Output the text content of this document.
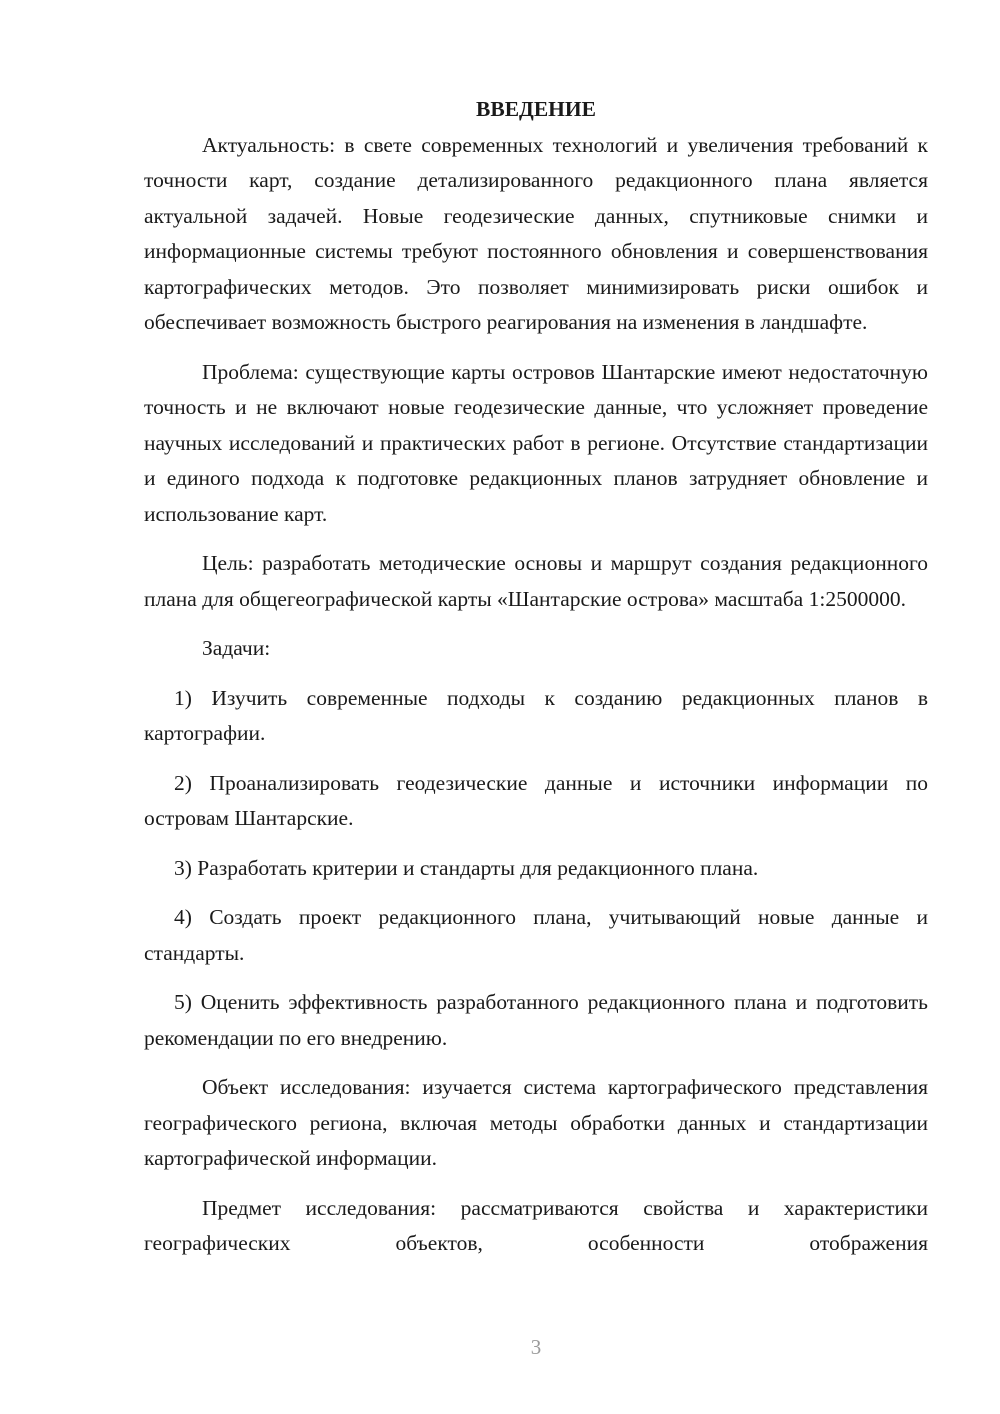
ВВЕДЕНИЕ

Актуальность: в свете современных технологий и увеличения требований к точности карт, создание детализированного редакционного плана является актуальной задачей. Новые геодезические данных, спутниковые снимки и информационные системы требуют постоянного обновления и совершенствования картографических методов. Это позволяет минимизировать риски ошибок и обеспечивает возможность быстрого реагирования на изменения в ландшафте.

Проблема: существующие карты островов Шантарские имеют недостаточную точность и не включают новые геодезические данные, что усложняет проведение научных исследований и практических работ в регионе. Отсутствие стандартизации и единого подхода к подготовке редакционных планов затрудняет обновление и использование карт.

Цель: разработать методические основы и маршрут создания редакционного плана для общегеографической карты «Шантарские острова» масштаба 1:2500000.

Задачи:

1) Изучить современные подходы к созданию редакционных планов в картографии.

2) Проанализировать геодезические данные и источники информации по островам Шантарские.

3) Разработать критерии и стандарты для редакционного плана.

4) Создать проект редакционного плана, учитывающий новые данные и стандарты.

5) Оценить эффективность разработанного редакционного плана и подготовить рекомендации по его внедрению.

Объект исследования: изучается система картографического представления географического региона, включая методы обработки данных и стандартизации картографической информации.

Предмет исследования: рассматриваются свойства и характеристики географических объектов, особенности отображения

3
